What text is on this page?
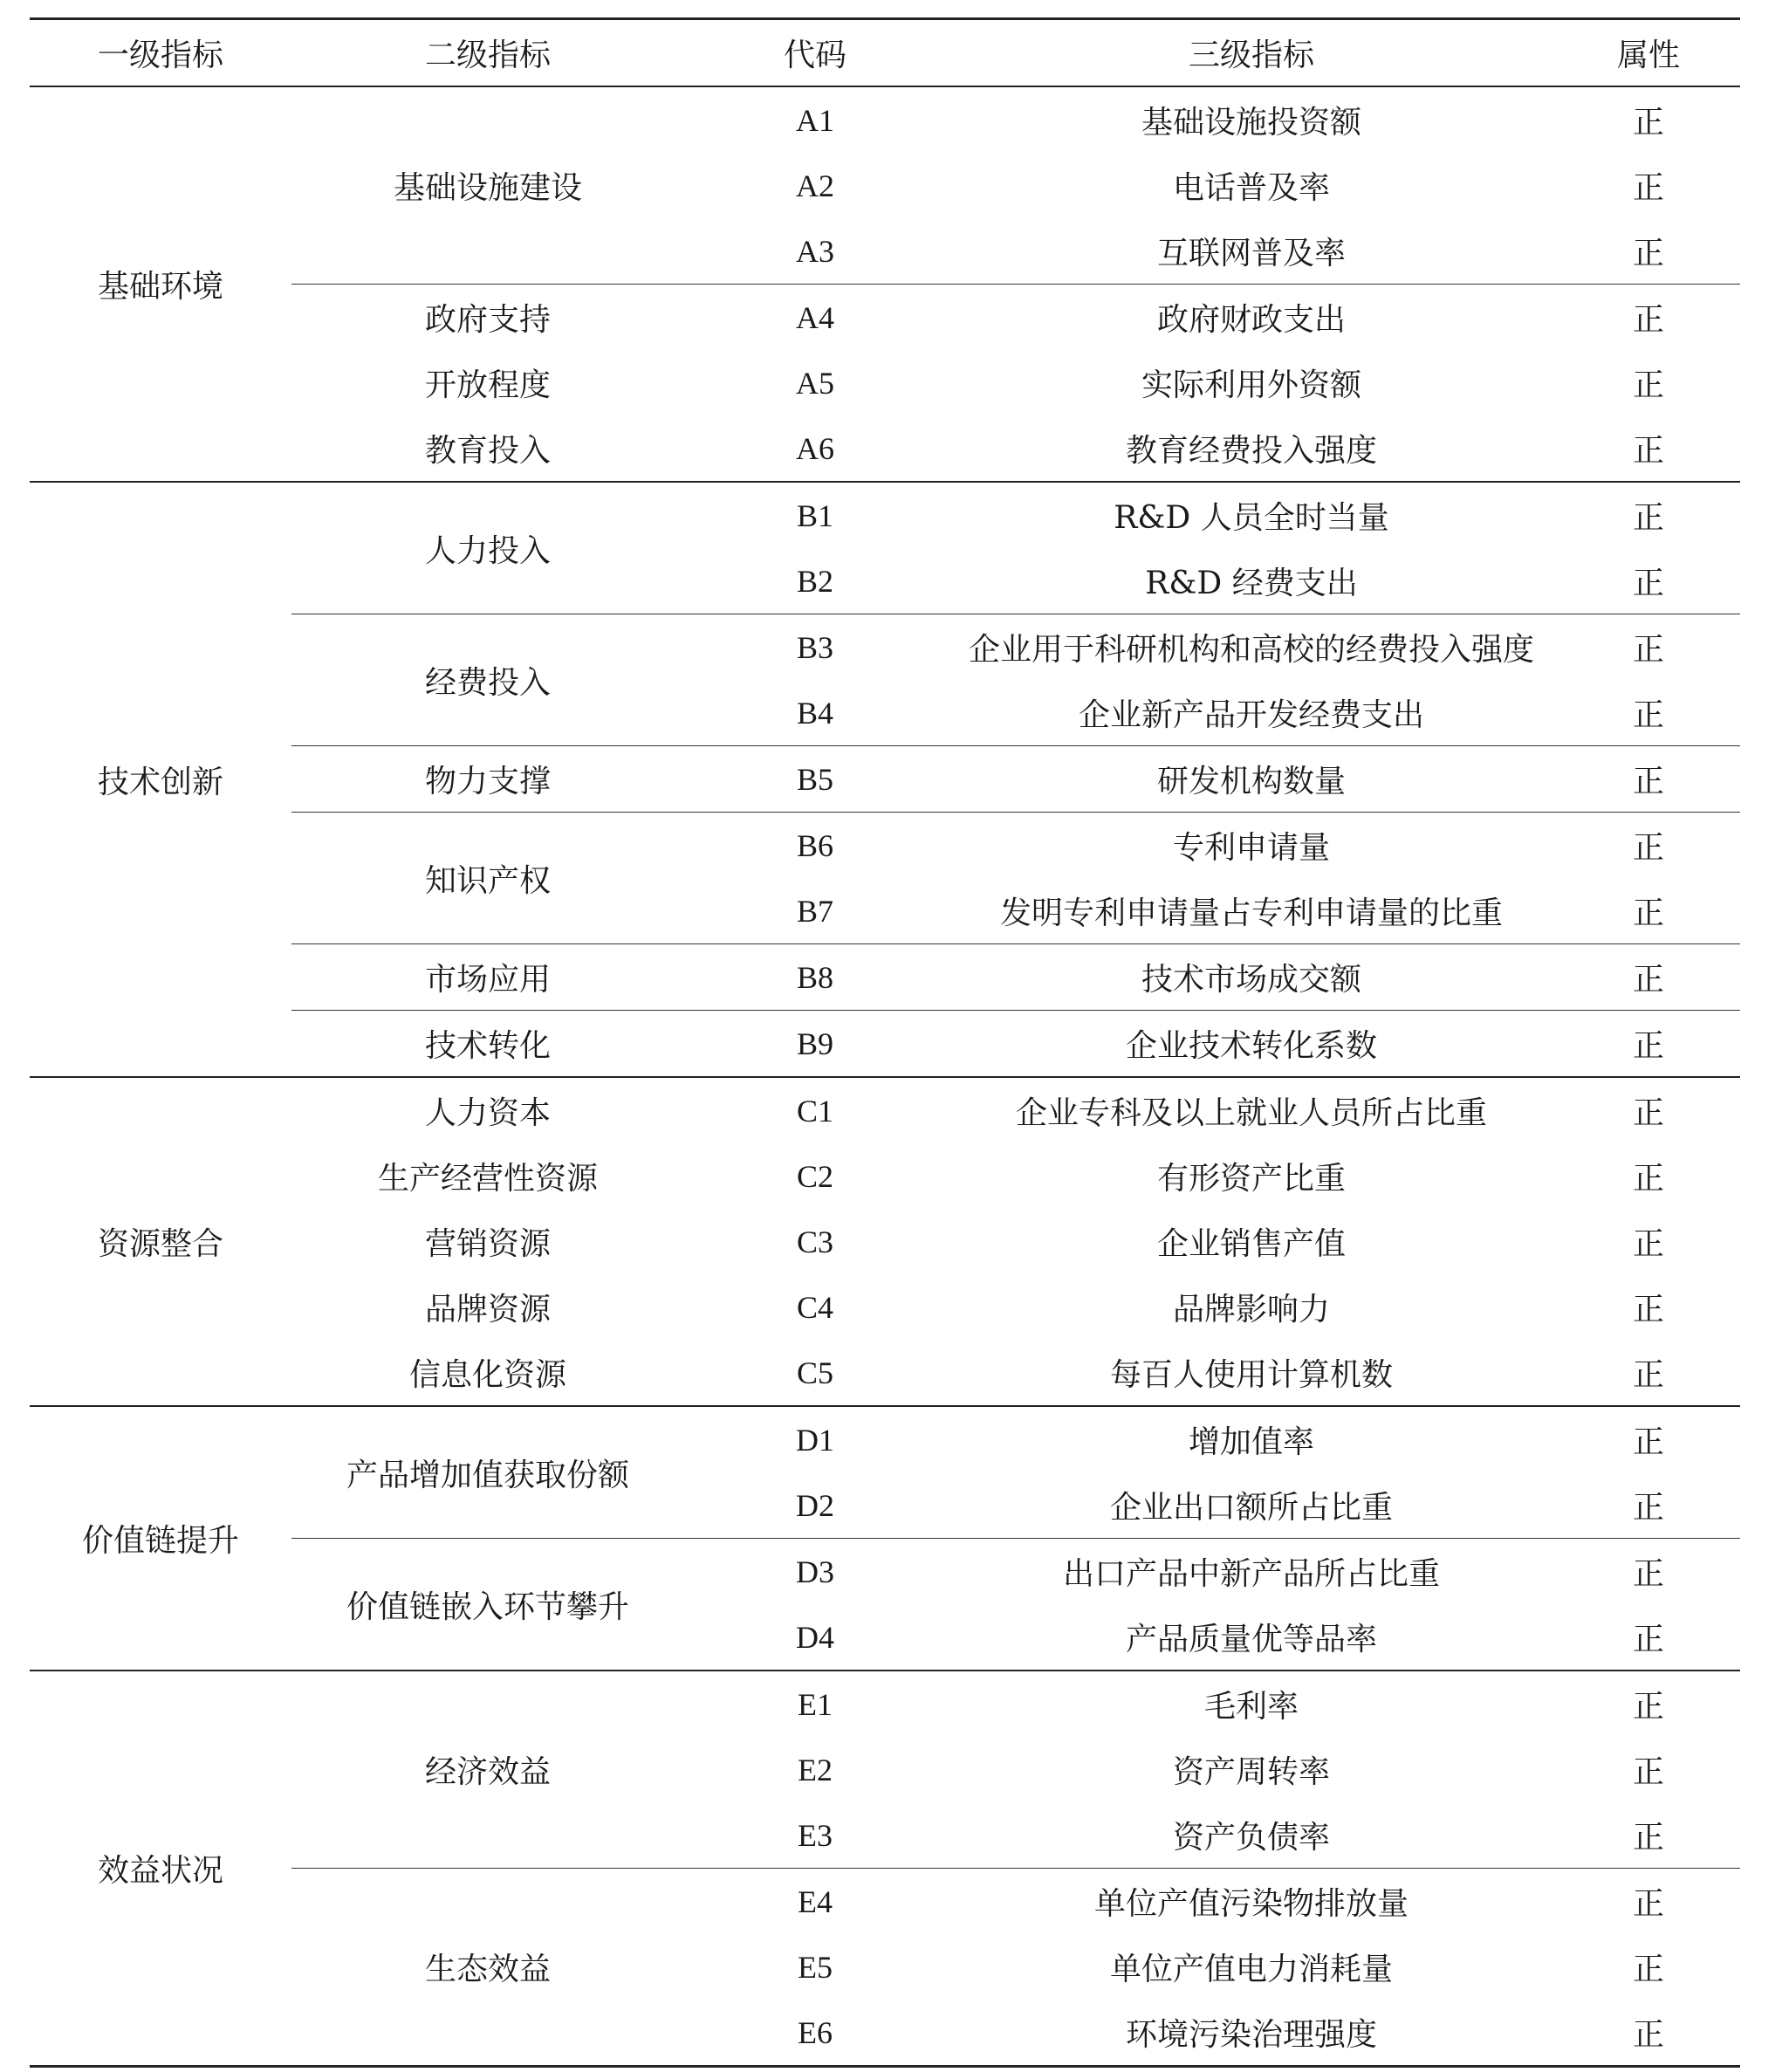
一级指标	二级指标	代码	三级指标	属性
基础环境	基础设施建设	A1	基础设施投资额	正
		A2	电话普及率	正
		A3	互联网普及率	正
	政府支持	A4	政府财政支出	正
	开放程度	A5	实际利用外资额	正
	教育投入	A6	教育经费投入强度	正
技术创新	人力投入	B1	R&D 人员全时当量	正
		B2	R&D 经费支出	正
	经费投入	B3	企业用于科研机构和高校的经费投入强度	正
		B4	企业新产品开发经费支出	正
	物力支撑	B5	研发机构数量	正
	知识产权	B6	专利申请量	正
		B7	发明专利申请量占专利申请量的比重	正
	市场应用	B8	技术市场成交额	正
	技术转化	B9	企业技术转化系数	正
资源整合	人力资本	C1	企业专科及以上就业人员所占比重	正
	生产经营性资源	C2	有形资产比重	正
	营销资源	C3	企业销售产值	正
	品牌资源	C4	品牌影响力	正
	信息化资源	C5	每百人使用计算机数	正
价值链提升	产品增加值获取份额	D1	增加值率	正
		D2	企业出口额所占比重	正
	价值链嵌入环节攀升	D3	出口产品中新产品所占比重	正
		D4	产品质量优等品率	正
效益状况	经济效益	E1	毛利率	正
		E2	资产周转率	正
		E3	资产负债率	正
	生态效益	E4	单位产值污染物排放量	正
		E5	单位产值电力消耗量	正
		E6	环境污染治理强度	正
